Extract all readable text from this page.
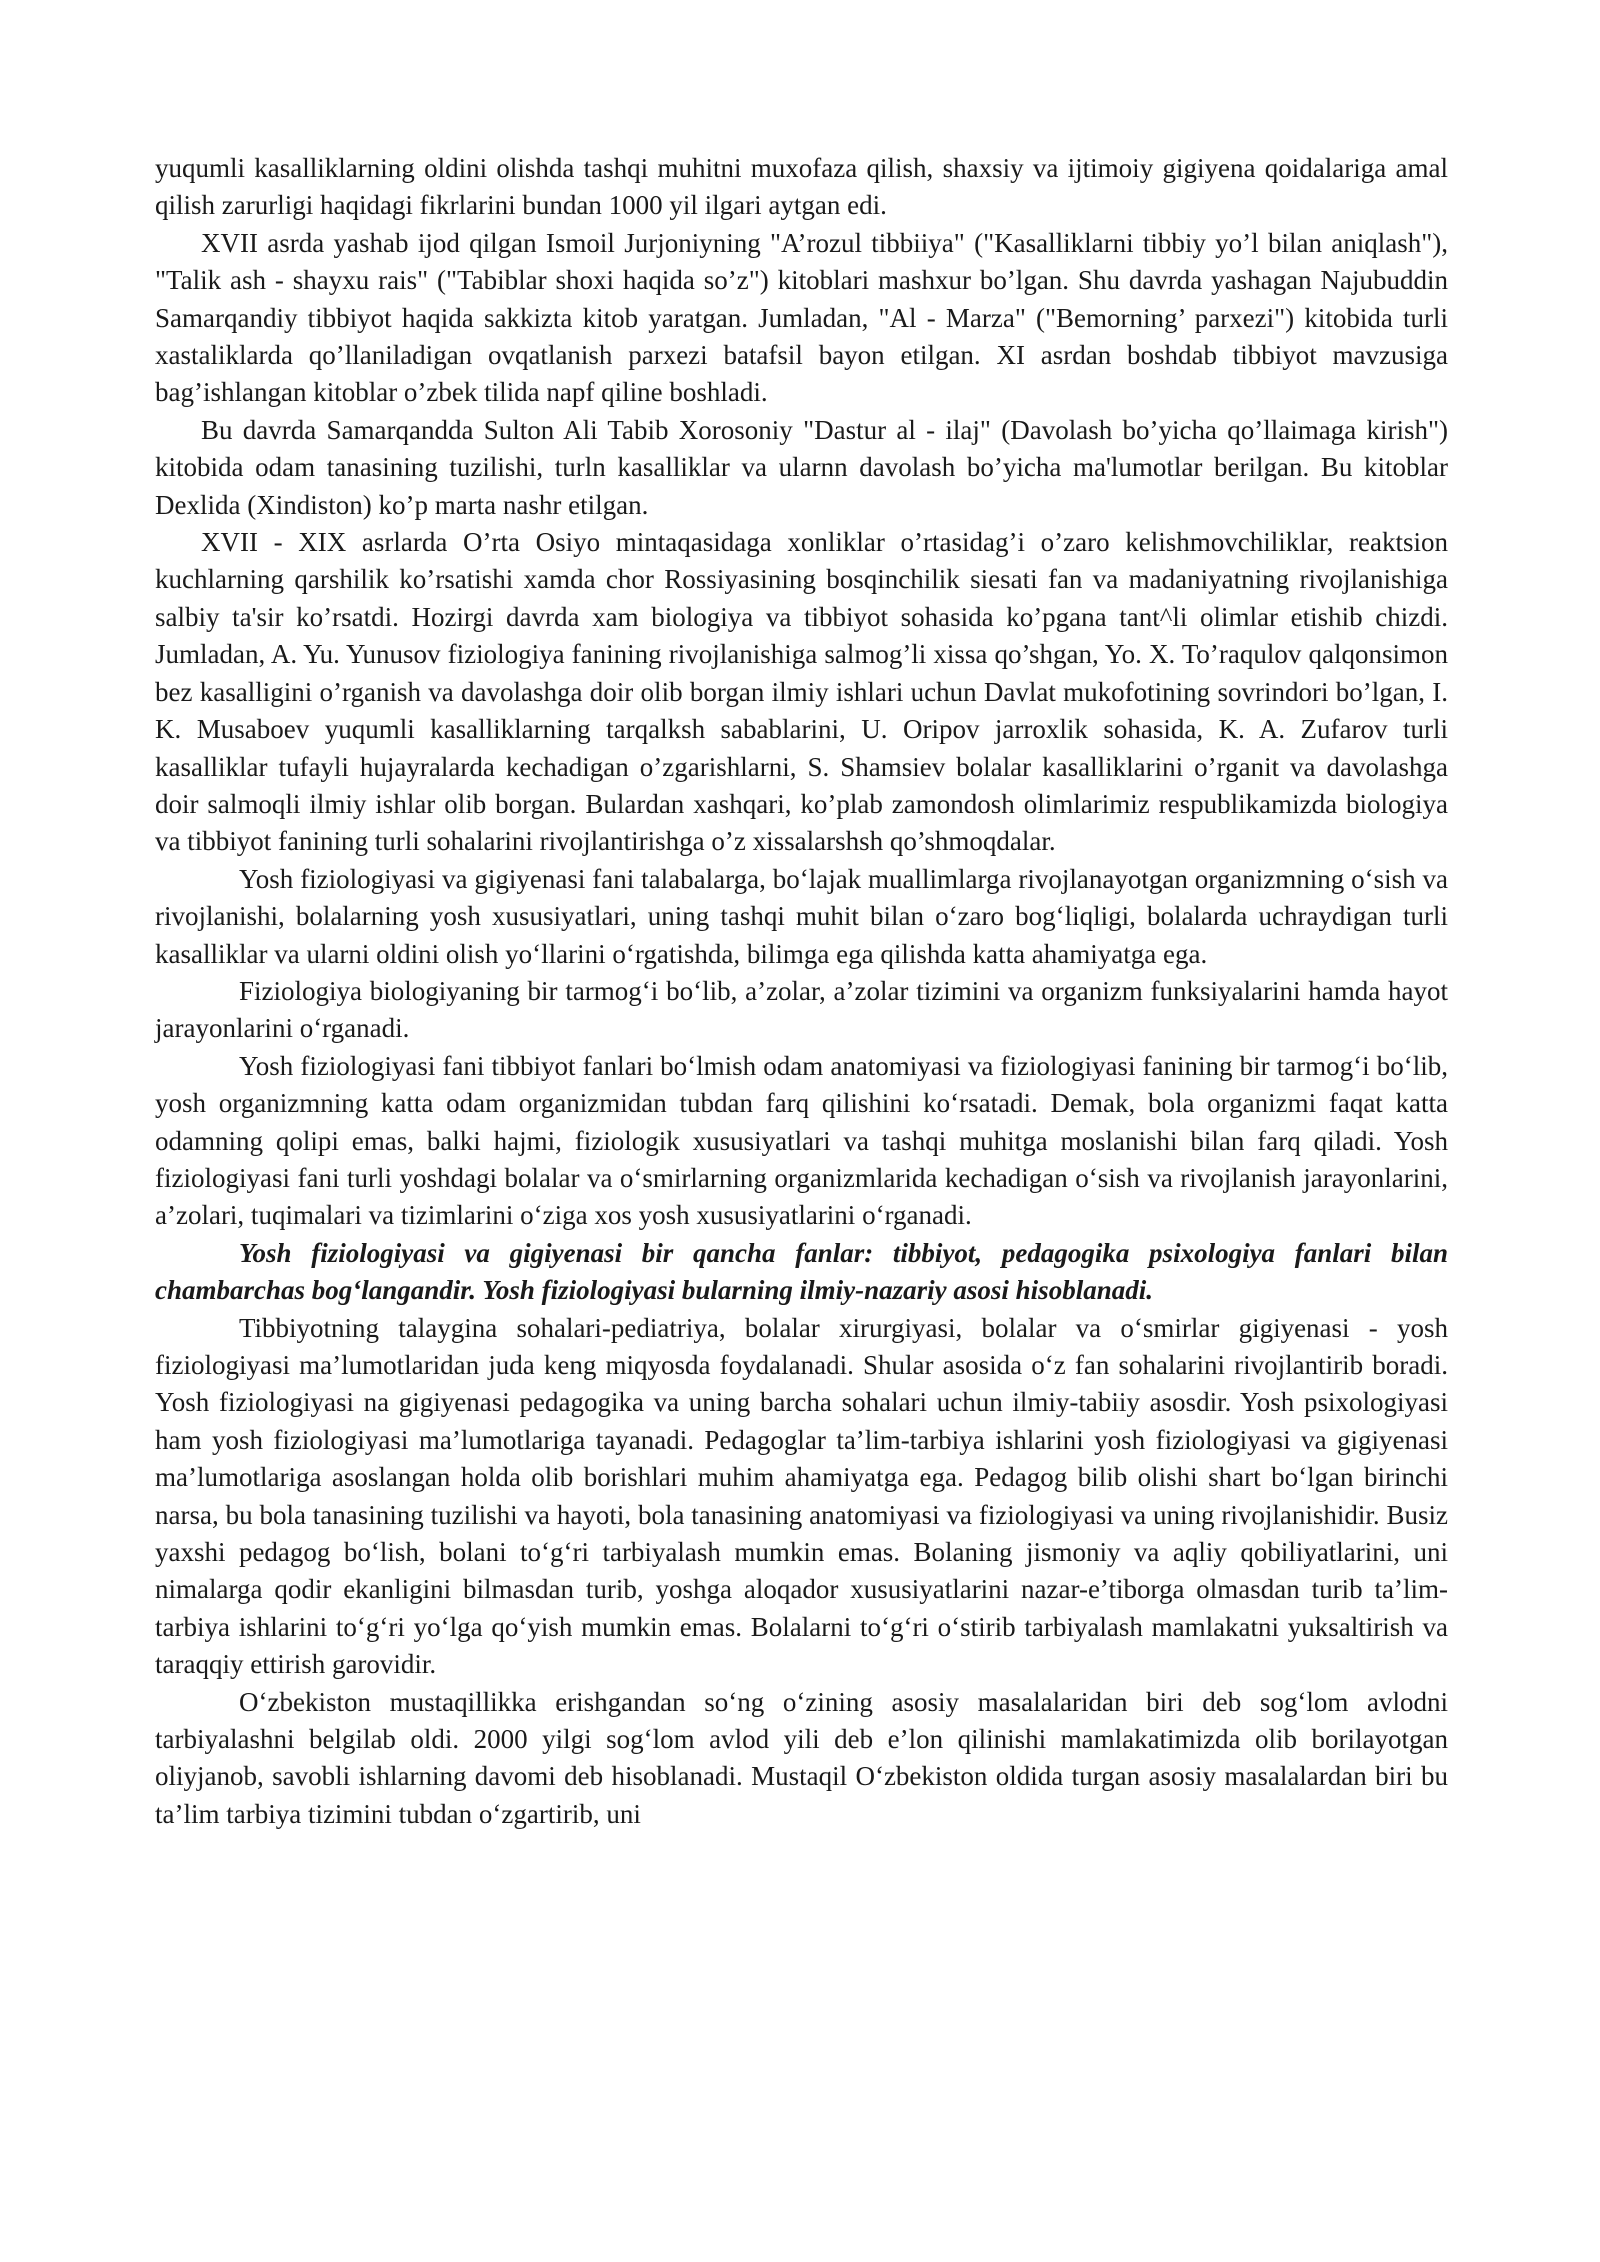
yuqumli kasalliklarning oldini olishda tashqi muhitni muxofaza qilish, shaxsiy va ijtimoiy gigiyena qoidalariga amal qilish zarurligi haqidagi fikrlarini bundan 1000 yil ilgari aytgan edi.

XVII asrda yashab ijod qilgan Ismoil Jurjoniyning "A’rozul tibbiiya" ("Kasalliklarni tibbiy yo’l bilan aniqlash"), "Talik ash - shayxu rais" ("Tabiblar shoxi haqida so’z") kitoblari mashxur bo’lgan. Shu davrda yashagan Najubuddin Samarqandiy tibbiyot haqida sakkizta kitob yaratgan. Jumladan, "Al - Marza" ("Bemorning’ parxezi") kitobida turli xastaliklarda qo’llaniladigan ovqatlanish parxezi batafsil bayon etilgan. XI asrdan boshdab tibbiyot mavzusiga bag’ishlangan kitoblar o’zbek tilida napf qiline boshladi.

Bu davrda Samarqandda Sulton Ali Tabib Xorosoniy "Dastur al - ilaj" (Davolash bo’yicha qo’llaimaga kirish") kitobida odam tanasining tuzilishi, turln kasalliklar va ularnn davolash bo’yicha ma'lumotlar berilgan. Bu kitoblar Dexlida (Xindiston) ko’p marta nashr etilgan.

XVII - XIX asrlarda O’rta Osiyo mintaqasidaga xonliklar o’rtasidag’i o’zaro kelishmovchiliklar, reaktsion kuchlarning qarshilik ko’rsatishi xamda chor Rossiyasining bosqinchilik siesati fan va madaniyatning rivojlanishiga salbiy ta'sir ko’rsatdi. Hozirgi davrda xam biologiya va tibbiyot sohasida ko’pgana tant^li olimlar etishib chizdi. Jumladan, A. Yu. Yunusov fiziologiya fanining rivojlanishiga salmog’li xissa qo’shgan, Yo. X. To’raqulov qalqonsimon bez kasalligini o’rganish va davolashga doir olib borgan ilmiy ishlari uchun Davlat mukofotining sovrindori bo’lgan, I. K. Musaboev yuqumli kasalliklarning tarqalksh sabablarini, U. Oripov jarroxlik sohasida, K. A. Zufarov turli kasalliklar tufayli hujayralarda kechadigan o’zgarishlarni, S. Shamsiev bolalar kasalliklarini o’rganit va davolashga doir salmoqli ilmiy ishlar olib borgan. Bulardan xashqari, ko’plab zamondosh olimlarimiz respublikamizda biologiya va tibbiyot fanining turli sohalarini rivojlantirishga o’z xissalarshsh qo’shmoqdalar.

Yosh fiziologiyasi va gigiyenasi fani talabalarga, bo‘lajak muallimlarga rivojlanayotgan organizmning o‘sish va rivojlanishi, bolalarning yosh xususiyatlari, uning tashqi muhit bilan o‘zaro bog‘liqligi, bolalarda uchraydigan turli kasalliklar va ularni oldini olish yo‘llarini o‘rgatishda, bilimga ega qilishda katta ahamiyatga ega.

Fiziologiya biologiyaning bir tarmog‘i bo‘lib, a’zolar, a’zolar tizimini va organizm funksiyalarini hamda hayot jarayonlarini o‘rganadi.

Yosh fiziologiyasi fani tibbiyot fanlari bo‘lmish odam anatomiyasi va fiziologiyasi fanining bir tarmog‘i bo‘lib, yosh organizmning katta odam organizmidan tubdan farq qilishini ko‘rsatadi. Demak, bola organizmi faqat katta odamning qolipi emas, balki hajmi, fiziologik xususiyatlari va tashqi muhitga moslanishi bilan farq qiladi. Yosh fiziologiyasi fani turli yoshdagi bolalar va o‘smirlarning organizmlarida kechadigan o‘sish va rivojlanish jarayonlarini, a’zolari, tuqimalari va tizimlarini o‘ziga xos yosh xususiyatlarini o‘rganadi.

Yosh fiziologiyasi va gigiyenasi bir qancha fanlar: tibbiyot, pedagogika psixologiya fanlari bilan chambarchas bog‘langandir. Yosh fiziologiyasi bularning ilmiy-nazariy asosi hisoblanadi.

Tibbiyotning talaygina sohalari-pediatriya, bolalar xirurgiyasi, bolalar va o‘smirlar gigiyenasi - yosh fiziologiyasi ma’lumotlaridan juda keng miqyosda foydalanadi. Shular asosida o‘z fan sohalarini rivojlantirib boradi. Yosh fiziologiyasi na gigiyenasi pedagogika va uning barcha sohalari uchun ilmiy-tabiiy asosdir. Yosh psixologiyasi ham yosh fiziologiyasi ma’lumotlariga tayanadi. Pedagoglar ta’lim-tarbiya ishlarini yosh fiziologiyasi va gigiyenasi ma’lumotlariga asoslangan holda olib borishlari muhim ahamiyatga ega. Pedagog bilib olishi shart bo‘lgan birinchi narsa, bu bola tanasining tuzilishi va hayoti, bola tanasining anatomiyasi va fiziologiyasi va uning rivojlanishidir. Busiz yaxshi pedagog bo‘lish, bolani to‘g‘ri tarbiyalash mumkin emas. Bolaning jismoniy va aqliy qobiliyatlarini, uni nimalarga qodir ekanligini bilmasdan turib, yoshga aloqador xususiyatlarini nazar-e’tiborga olmasdan turib ta’lim-tarbiya ishlarini to‘g‘ri yo‘lga qo‘yish mumkin emas. Bolalarni to‘g‘ri o‘stirib tarbiyalash mamlakatni yuksaltirish va taraqqiy ettirish garovidir.

O‘zbekiston mustaqillikka erishgandan so‘ng o‘zining asosiy masalalaridan biri deb sog‘lom avlodni tarbiyalashni belgilab oldi. 2000 yilgi sog‘lom avlod yili deb e’lon qilinishi mamlakatimizda olib borilayotgan oliyjanob, savobli ishlarning davomi deb hisoblanadi. Mustaqil O‘zbekiston oldida turgan asosiy masalalardan biri bu ta’lim tarbiya tizimini tubdan o‘zgartirib, uni
